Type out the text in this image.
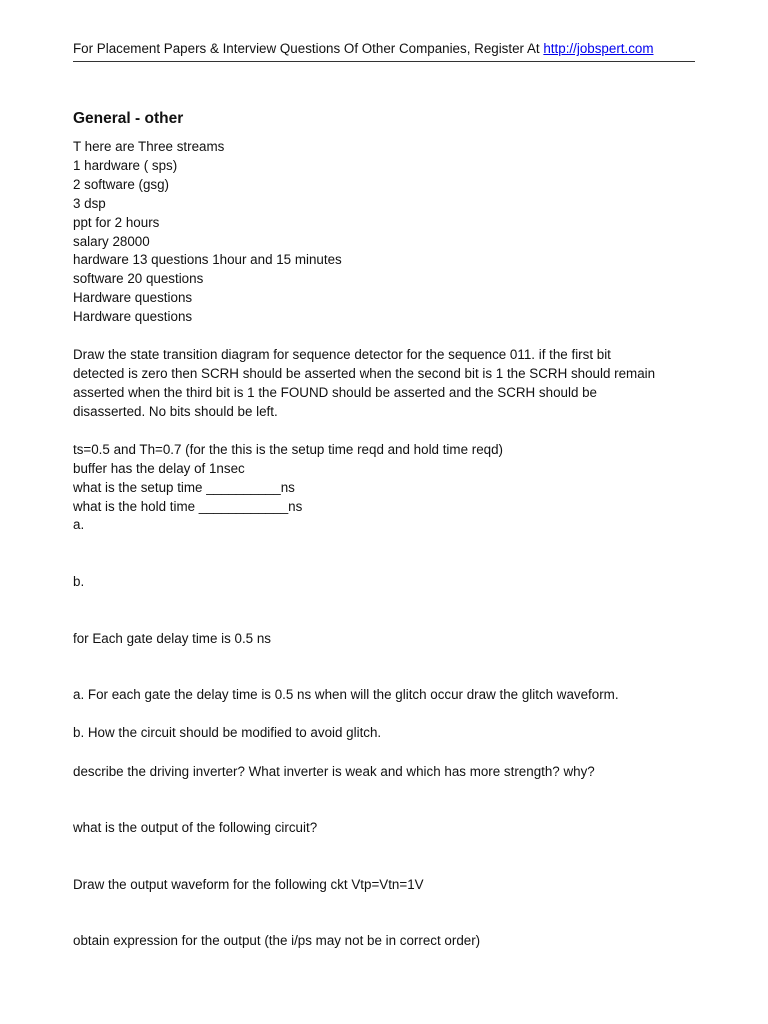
For Placement Papers & Interview Questions Of Other Companies, Register At http://jobspert.com
General - other
T here are Three streams
1 hardware ( sps)
2 software (gsg)
3 dsp
ppt for 2 hours
salary 28000
hardware 13 questions 1hour and 15 minutes
software 20 questions
Hardware questions
Hardware questions
Draw the state transition diagram for sequence detector for the sequence 011. if the first bit
detected is zero then SCRH should be asserted when the second bit is 1 the SCRH should remain
asserted when the third bit is 1 the FOUND should be asserted and the SCRH should be
disasserted. No bits should be left.
ts=0.5 and Th=0.7 (for the this is the setup time reqd and hold time reqd)
buffer has the delay of 1nsec
what is the setup time __________ns
what is the hold time ____________ns
a.
b.
for Each gate delay time is 0.5 ns
a. For each gate the delay time is 0.5 ns when will the glitch occur draw the glitch waveform.
b. How the circuit should be modified to avoid glitch.
describe the driving inverter? What inverter is weak and which has more strength? why?
what is the output of the following circuit?
Draw the output waveform for the following ckt Vtp=Vtn=1V
obtain expression for the output (the i/ps may not be in correct order)
